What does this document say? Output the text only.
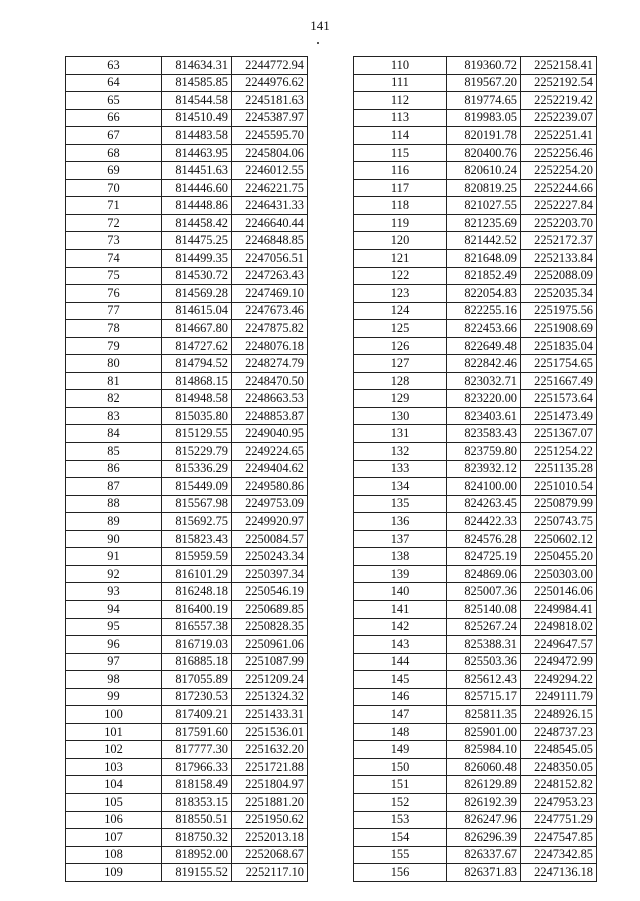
141
63	814634.31	2244772.94
64	814585.85	2244976.62
65	814544.58	2245181.63
66	814510.49	2245387.97
67	814483.58	2245595.70
68	814463.95	2245804.06
69	814451.63	2246012.55
70	814446.60	2246221.75
71	814448.86	2246431.33
72	814458.42	2246640.44
73	814475.25	2246848.85
74	814499.35	2247056.51
75	814530.72	2247263.43
76	814569.28	2247469.10
77	814615.04	2247673.46
78	814667.80	2247875.82
79	814727.62	2248076.18
80	814794.52	2248274.79
81	814868.15	2248470.50
82	814948.58	2248663.53
83	815035.80	2248853.87
84	815129.55	2249040.95
85	815229.79	2249224.65
86	815336.29	2249404.62
87	815449.09	2249580.86
88	815567.98	2249753.09
89	815692.75	2249920.97
90	815823.43	2250084.57
91	815959.59	2250243.34
92	816101.29	2250397.34
93	816248.18	2250546.19
94	816400.19	2250689.85
95	816557.38	2250828.35
96	816719.03	2250961.06
97	816885.18	2251087.99
98	817055.89	2251209.24
99	817230.53	2251324.32
100	817409.21	2251433.31
101	817591.60	2251536.01
102	817777.30	2251632.20
103	817966.33	2251721.88
104	818158.49	2251804.97
105	818353.15	2251881.20
106	818550.51	2251950.62
107	818750.32	2252013.18
108	818952.00	2252068.67
109	819155.52	2252117.10
110	819360.72	2252158.41
111	819567.20	2252192.54
112	819774.65	2252219.42
113	819983.05	2252239.07
114	820191.78	2252251.41
115	820400.76	2252256.46
116	820610.24	2252254.20
117	820819.25	2252244.66
118	821027.55	2252227.84
119	821235.69	2252203.70
120	821442.52	2252172.37
121	821648.09	2252133.84
122	821852.49	2252088.09
123	822054.83	2252035.34
124	822255.16	2251975.56
125	822453.66	2251908.69
126	822649.48	2251835.04
127	822842.46	2251754.65
128	823032.71	2251667.49
129	823220.00	2251573.64
130	823403.61	2251473.49
131	823583.43	2251367.07
132	823759.80	2251254.22
133	823932.12	2251135.28
134	824100.00	2251010.54
135	824263.45	2250879.99
136	824422.33	2250743.75
137	824576.28	2250602.12
138	824725.19	2250455.20
139	824869.06	2250303.00
140	825007.36	2250146.06
141	825140.08	2249984.41
142	825267.24	2249818.02
143	825388.31	2249647.57
144	825503.36	2249472.99
145	825612.43	2249294.22
146	825715.17	2249111.79
147	825811.35	2248926.15
148	825901.00	2248737.23
149	825984.10	2248545.05
150	826060.48	2248350.05
151	826129.89	2248152.82
152	826192.39	2247953.23
153	826247.96	2247751.29
154	826296.39	2247547.85
155	826337.67	2247342.85
156	826371.83	2247136.18
